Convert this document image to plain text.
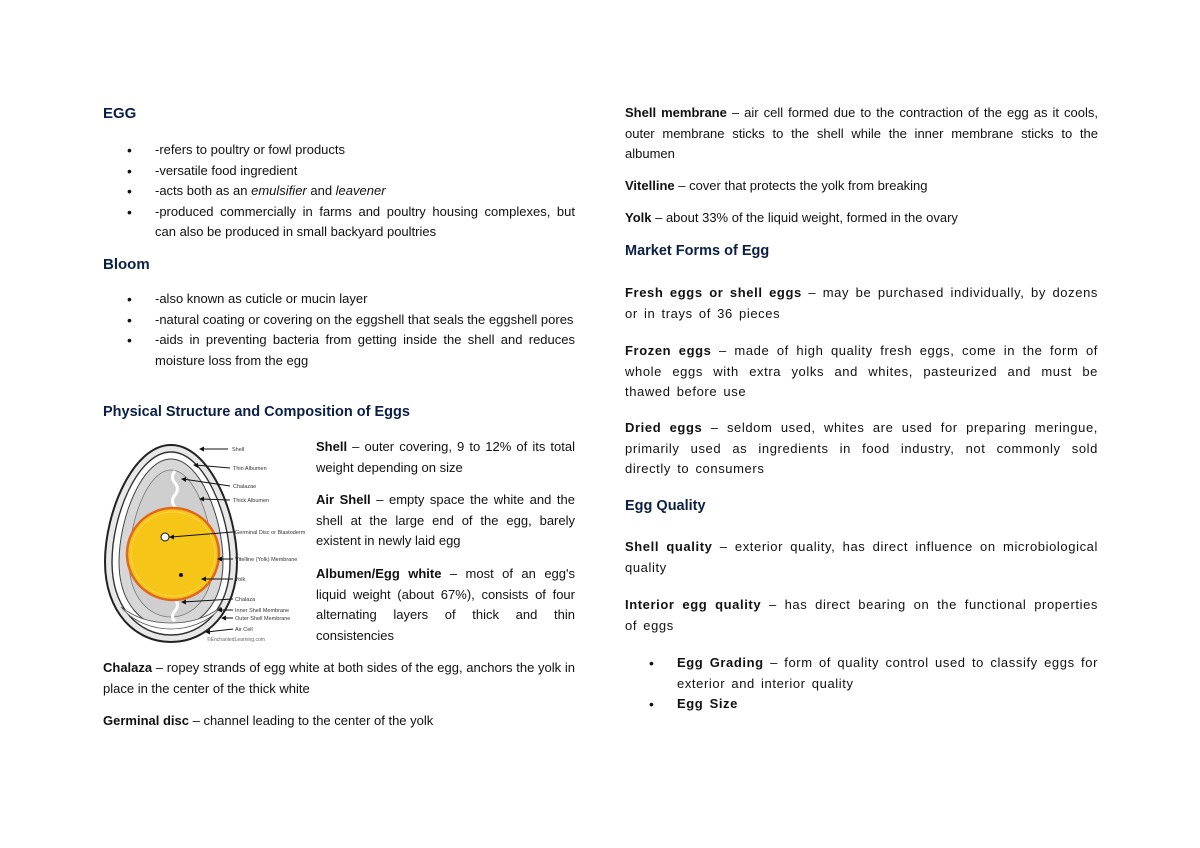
EGG
• -refers to poultry or fowl products
• -versatile food ingredient
• -acts both as an emulsifier and leavener
• -produced commercially in farms and poultry housing complexes, but can also be produced in small backyard poultries
Bloom
• -also known as cuticle or mucin layer
• -natural coating or covering on the eggshell that seals the eggshell pores
• -aids in preventing bacteria from getting inside the shell and reduces moisture loss from the egg
Physical Structure and Composition of Eggs
Shell
Thin Albumen
Chalazae
Thick Albumen
Germinal Disc or Blastoderm
Vitelline (Yolk) Membrane
Yolk
Chalaza
Inner Shell Membrane
Outer Shell Membrane
Air Cell
©EnchantedLearning.com

Shell – outer covering, 9 to 12% of its total weight depending on size

Air Shell – empty space the white and the shell at the large end of the egg, barely existent in newly laid egg

Albumen/Egg white – most of an egg's liquid weight (about 67%), consists of four alternating layers of thick and thin consistencies

Chalaza – ropey strands of egg white at both sides of the egg, anchors the yolk in place in the center of the thick white

Germinal disc – channel leading to the center of the yolk

Shell membrane – air cell formed due to the contraction of the egg as it cools, outer membrane sticks to the shell while the inner membrane sticks to the albumen

Vitelline – cover that protects the yolk from breaking

Yolk – about 33% of the liquid weight, formed in the ovary

Market Forms of Egg

Fresh eggs or shell eggs – may be purchased individually, by dozens or in trays of 36 pieces

Frozen eggs – made of high quality fresh eggs, come in the form of whole eggs with extra yolks and whites, pasteurized and must be thawed before use

Dried eggs – seldom used, whites are used for preparing meringue, primarily used as ingredients in food industry, not commonly sold directly to consumers

Egg Quality

Shell quality – exterior quality, has direct influence on microbiological quality

Interior egg quality – has direct bearing on the functional properties of eggs

• Egg Grading – form of quality control used to classify eggs for exterior and interior quality
• Egg Size
